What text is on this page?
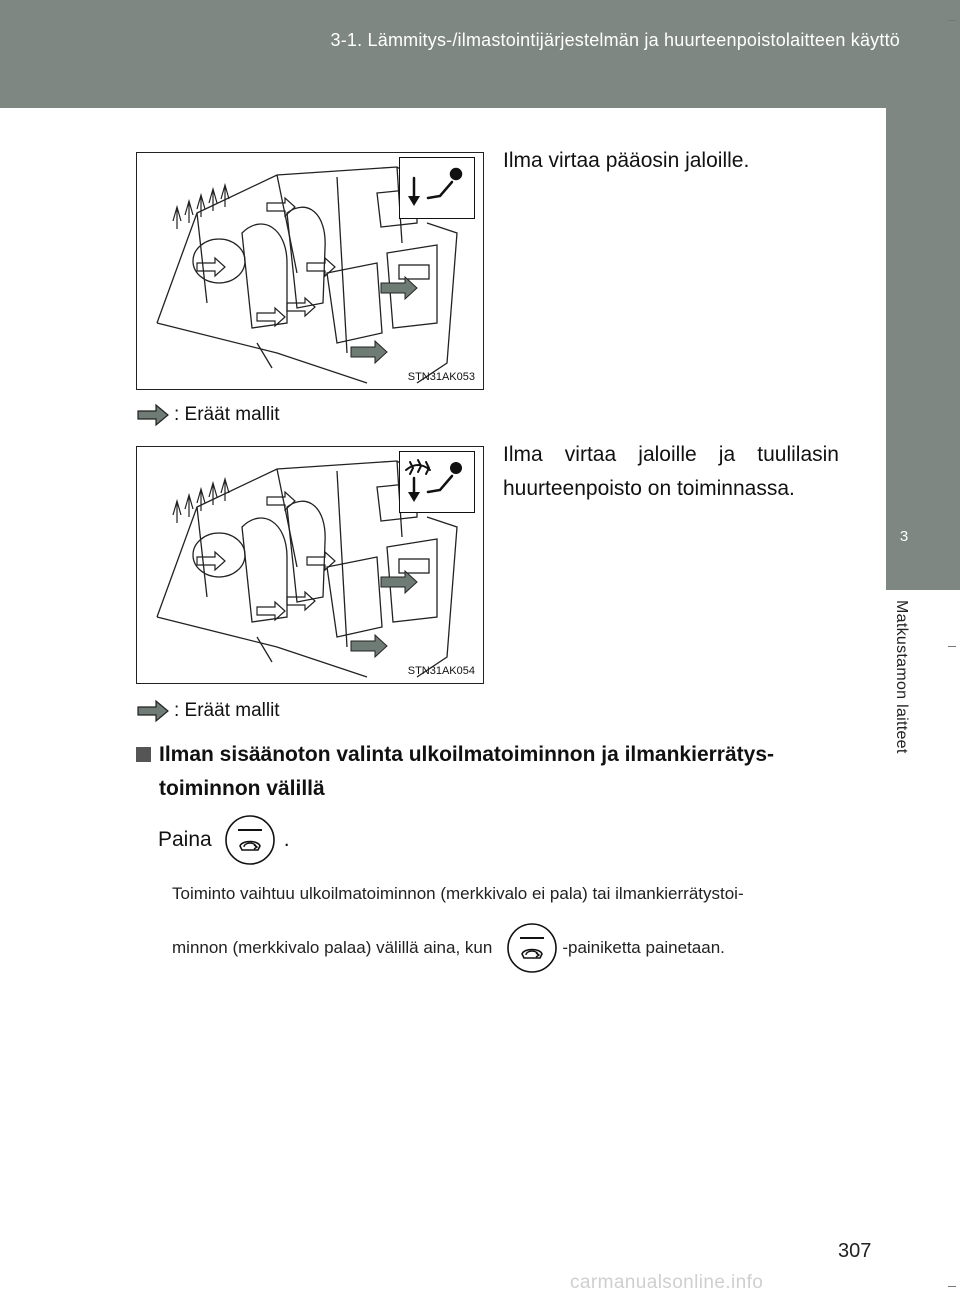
3-1. Lämmitys-/ilmastointijärjestelmän ja huurteenpoistolaitteen käyttö
3
Matkustamon laitteet
STN31AK053
Ilma virtaa pääosin jaloille.
: Eräät mallit
STN31AK054
Ilma virtaa jaloille ja tuulilasin huurteenpoisto on toiminnassa.
: Eräät mallit
Ilman sisäänoton valinta ulkoilmatoiminnon ja ilmankierrätys-toiminnon välillä
Paina	.
Toiminto vaihtuu ulkoilmatoiminnon (merkkivalo ei pala) tai ilmankierrätystoi-
minnon (merkkivalo palaa) välillä aina, kun	-painiketta painetaan.
307
carmanualsonline.info
